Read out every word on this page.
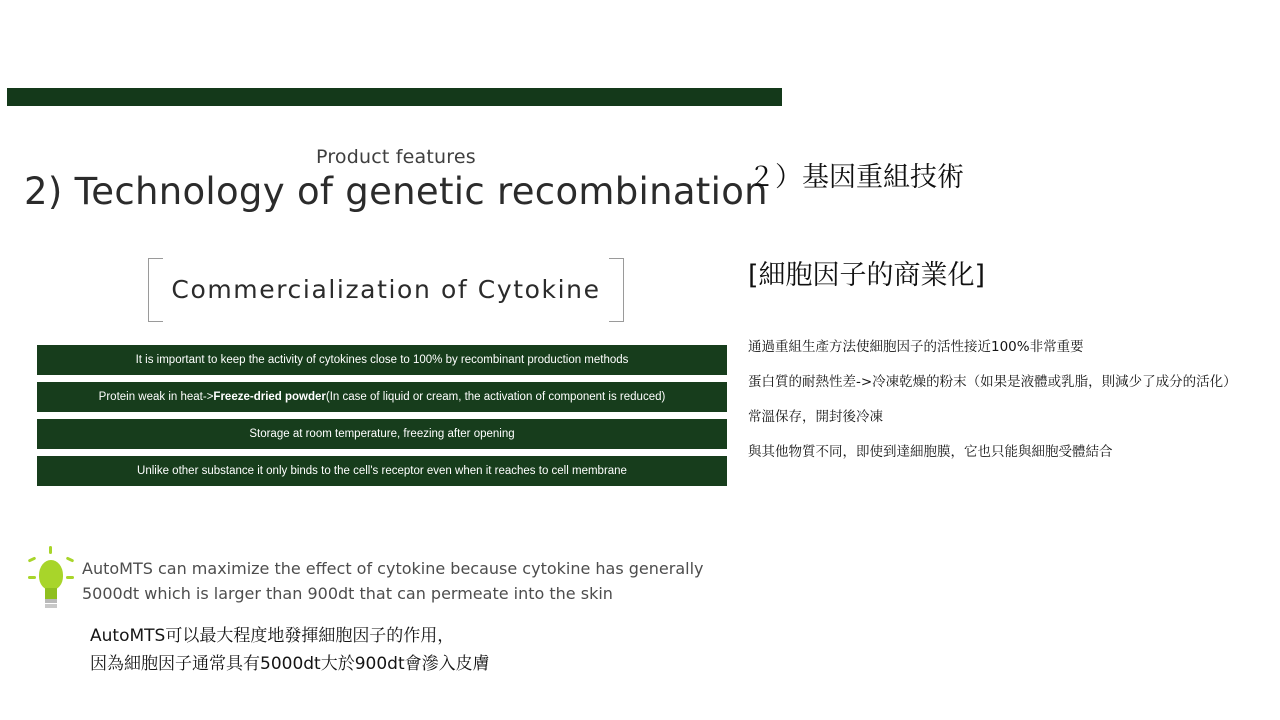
Product features
2) Technology of genetic recombination
Commercialization of Cytokine
It is important to keep the activity of cytokines close to 100% by recombinant production methods
Protein weak in heat-> Freeze-dried powder (In case of liquid or cream, the activation of component is reduced)
Storage at room temperature, freezing after opening
Unlike other substance it only binds to the cell's receptor even when it reaches to cell membrane
AutoMTS can maximize the effect of cytokine because cytokine has generally 5000dt which is larger than 900dt that can permeate into the skin
AutoMTS可以最大程度地發揮細胞因子的作用，
因為細胞因子通常具有5000dt大於900dt會滲入皮膚
２）基因重組技術
[細胞因子的商業化]
通過重組生產方法使細胞因子的活性接近100%非常重要
蛋白質的耐熱性差->冷凍乾燥的粉末（如果是液體或乳脂，則減少了成分的活化）
常溫保存，開封後冷凍
與其他物質不同，即使到達細胞膜，它也只能與細胞受體結合
